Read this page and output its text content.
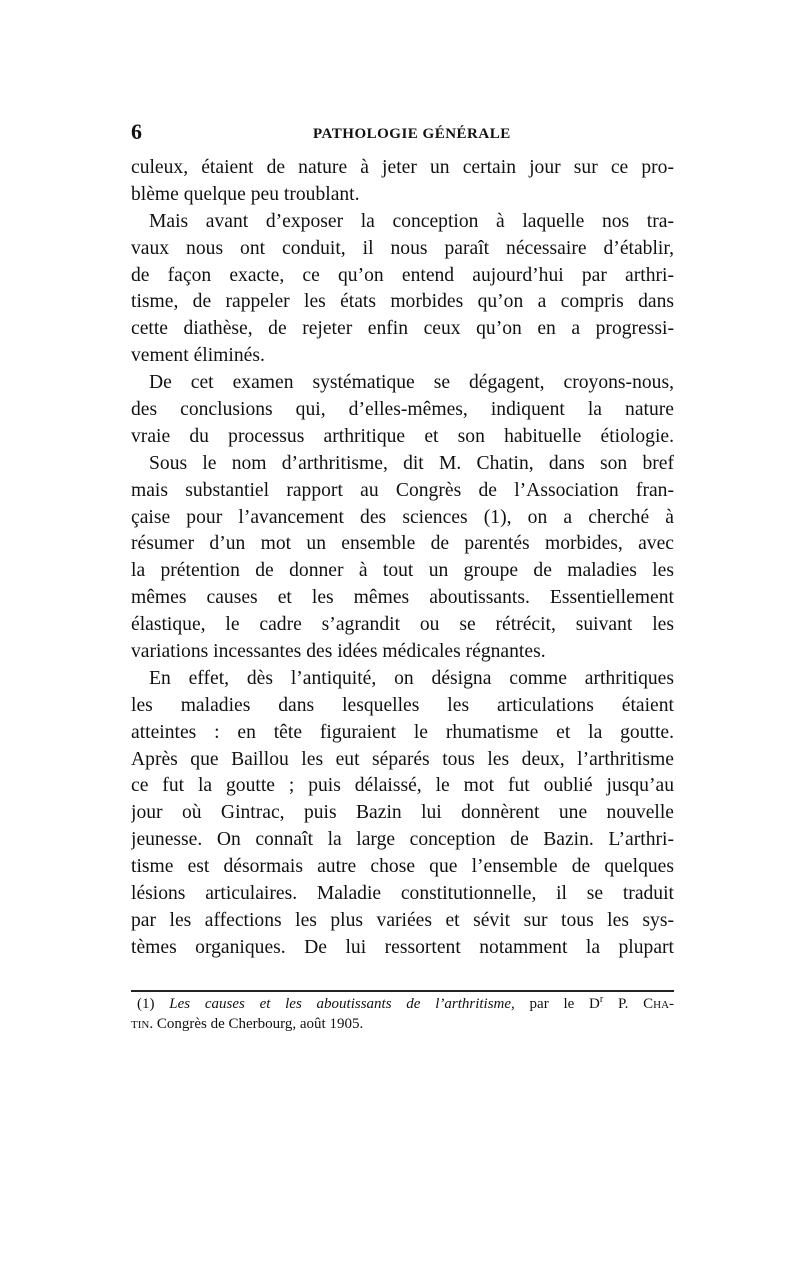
6	PATHOLOGIE GÉNÉRALE
culeux, étaient de nature à jeter un certain jour sur ce pro-
blème quelque peu troublant.
Mais avant d’exposer la conception à laquelle nos tra-
vaux nous ont conduit, il nous paraît nécessaire d’établir,
de façon exacte, ce qu’on entend aujourd’hui par arthri-
tisme, de rappeler les états morbides qu’on a compris dans
cette diathèse, de rejeter enfin ceux qu’on en a progressi-
vement éliminés.
De cet examen systématique se dégagent, croyons-nous,
des conclusions qui, d’elles-mêmes, indiquent la nature
vraie du processus arthritique et son habituelle étiologie.
Sous le nom d’arthritisme, dit M. Chatin, dans son bref
mais substantiel rapport au Congrès de l’Association fran-
çaise pour l’avancement des sciences (1), on a cherché à
résumer d’un mot un ensemble de parentés morbides, avec
la prétention de donner à tout un groupe de maladies les
mêmes causes et les mêmes aboutissants. Essentiellement
élastique, le cadre s’agrandit ou se rétrécit, suivant les
variations incessantes des idées médicales régnantes.
En effet, dès l’antiquité, on désigna comme arthritiques
les maladies dans lesquelles les articulations étaient
atteintes : en tête figuraient le rhumatisme et la goutte.
Après que Baillou les eut séparés tous les deux, l’arthritisme
ce fut la goutte ; puis délaissé, le mot fut oublié jusqu’au
jour où Gintrac, puis Bazin lui donnèrent une nouvelle
jeunesse. On connaît la large conception de Bazin. L’arthri-
tisme est désormais autre chose que l’ensemble de quelques
lésions articulaires. Maladie constitutionnelle, il se traduit
par les affections les plus variées et sévit sur tous les sys-
tèmes organiques. De lui ressortent notamment la plupart
(1) Les causes et les aboutissants de l’arthritisme, par le $D^r$ P. Cha-
tin. Congrès de Cherbourg, août 1905.
